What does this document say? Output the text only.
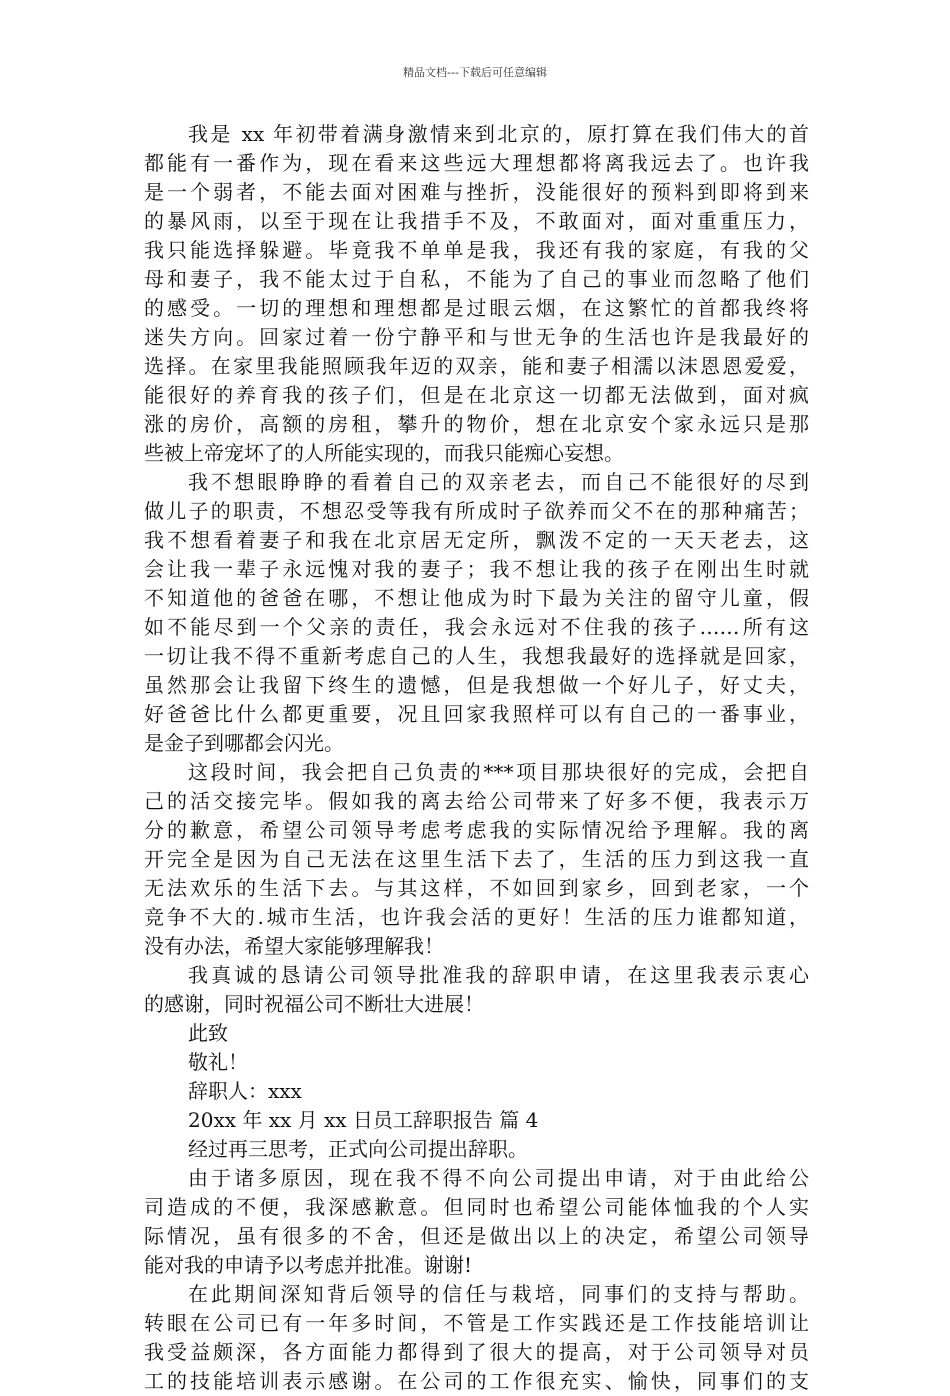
精品文档---下载后可任意编辑
我是 xx 年初带着满身激情来到北京的，原打算在我们伟大的首
都能有一番作为，现在看来这些远大理想都将离我远去了。也许我
是一个弱者，不能去面对困难与挫折，没能很好的预料到即将到来
的暴风雨，以至于现在让我措手不及，不敢面对，面对重重压力，
我只能选择躲避。毕竟我不单单是我，我还有我的家庭，有我的父
母和妻子，我不能太过于自私，不能为了自己的事业而忽略了他们
的感受。一切的理想和理想都是过眼云烟，在这繁忙的首都我终将
迷失方向。回家过着一份宁静平和与世无争的生活也许是我最好的
选择。在家里我能照顾我年迈的双亲，能和妻子相濡以沫恩恩爱爱，
能很好的养育我的孩子们，但是在北京这一切都无法做到，面对疯
涨的房价，高额的房租，攀升的物价，想在北京安个家永远只是那
些被上帝宠坏了的人所能实现的，而我只能痴心妄想。
我不想眼睁睁的看着自己的双亲老去，而自己不能很好的尽到
做儿子的职责，不想忍受等我有所成时子欲养而父不在的那种痛苦；
我不想看着妻子和我在北京居无定所，飘泼不定的一天天老去，这
会让我一辈子永远愧对我的妻子；我不想让我的孩子在刚出生时就
不知道他的爸爸在哪，不想让他成为时下最为关注的留守儿童，假
如不能尽到一个父亲的责任，我会永远对不住我的孩子……所有这
一切让我不得不重新考虑自己的人生，我想我最好的选择就是回家，
虽然那会让我留下终生的遗憾，但是我想做一个好儿子，好丈夫，
好爸爸比什么都更重要，况且回家我照样可以有自己的一番事业，
是金子到哪都会闪光。
这段时间，我会把自己负责的***项目那块很好的完成，会把自
己的活交接完毕。假如我的离去给公司带来了好多不便，我表示万
分的歉意，希望公司领导考虑考虑我的实际情况给予理解。我的离
开完全是因为自己无法在这里生活下去了，生活的压力到这我一直
无法欢乐的生活下去。与其这样，不如回到家乡，回到老家，一个
竞争不大的.城市生活，也许我会活的更好！生活的压力谁都知道，
没有办法，希望大家能够理解我！
我真诚的恳请公司领导批准我的辞职申请，在这里我表示衷心
的感谢，同时祝福公司不断壮大进展！
此致
敬礼！
辞职人：xxx
20xx 年 xx 月 xx 日员工辞职报告 篇 4
经过再三思考，正式向公司提出辞职。
由于诸多原因，现在我不得不向公司提出申请，对于由此给公
司造成的不便，我深感歉意。但同时也希望公司能体恤我的个人实
际情况，虽有很多的不舍，但还是做出以上的决定，希望公司领导
能对我的申请予以考虑并批准。谢谢!
在此期间深知背后领导的信任与栽培，同事们的支持与帮助。
转眼在公司已有一年多时间，不管是工作实践还是工作技能培训让
我受益颇深，各方面能力都得到了很大的提高，对于公司领导对员
工的技能培训表示感谢。在公司的工作很充实、愉快，同事们的支
